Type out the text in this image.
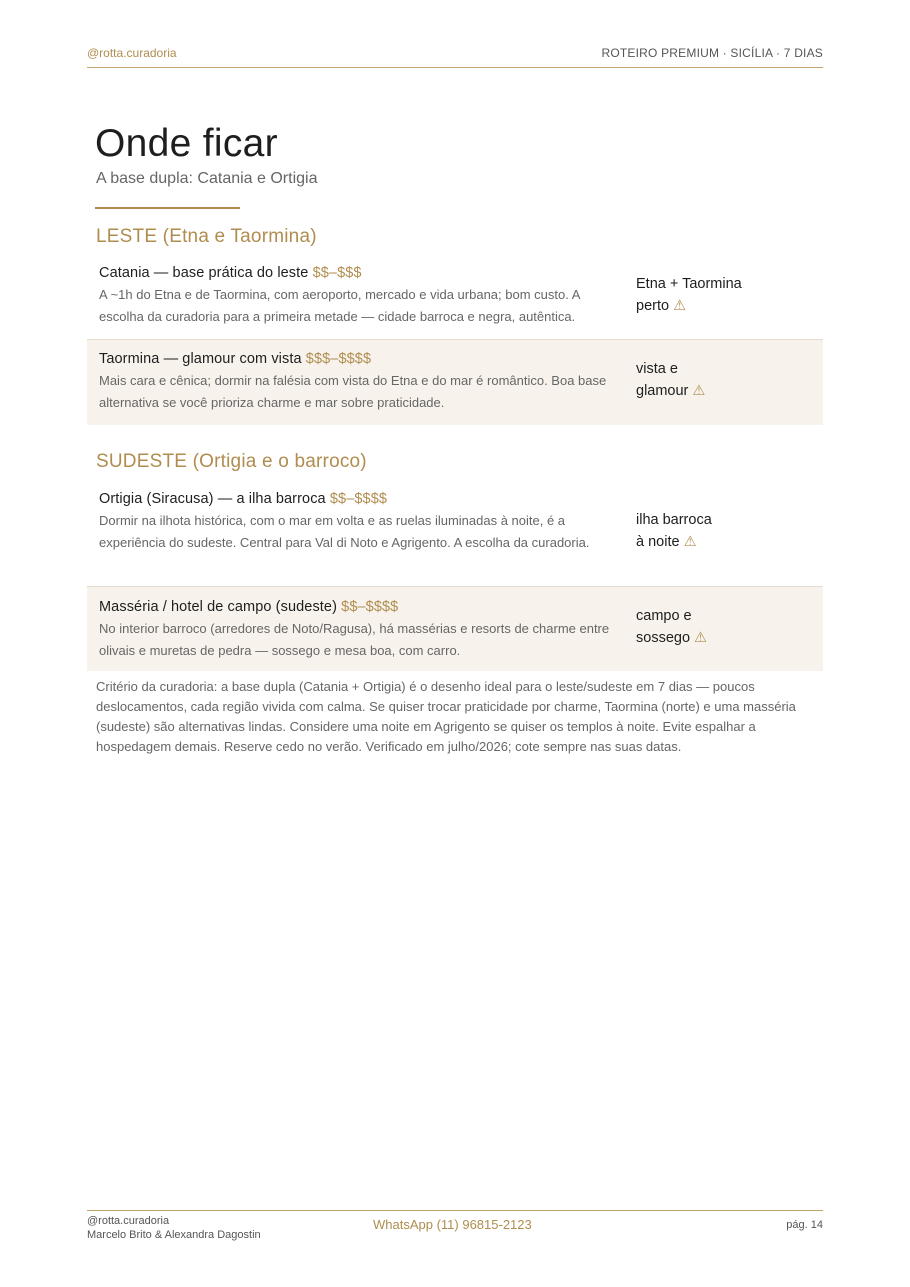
@rotta.curadoria	ROTEIRO PREMIUM · SICÍLIA · 7 DIAS
Onde ficar
A base dupla: Catania e Ortigia
LESTE (Etna e Taormina)
Catania — base prática do leste $$–$$$
A ~1h do Etna e de Taormina, com aeroporto, mercado e vida urbana; bom custo. A escolha da curadoria para a primeira metade — cidade barroca e negra, autêntica.
Etna + Taormina
perto ⚠
Taormina — glamour com vista $$$–$$$$
Mais cara e cênica; dormir na falésia com vista do Etna e do mar é romântico. Boa base alternativa se você prioriza charme e mar sobre praticidade.
vista e
glamour ⚠
SUDESTE (Ortigia e o barroco)
Ortigia (Siracusa) — a ilha barroca $$–$$$$
Dormir na ilhota histórica, com o mar em volta e as ruelas iluminadas à noite, é a experiência do sudeste. Central para Val di Noto e Agrigento. A escolha da curadoria.
ilha barroca
à noite ⚠
Masséria / hotel de campo (sudeste) $$–$$$$
No interior barroco (arredores de Noto/Ragusa), há massérias e resorts de charme entre olivais e muretas de pedra — sossego e mesa boa, com carro.
campo e
sossego ⚠
Critério da curadoria: a base dupla (Catania + Ortigia) é o desenho ideal para o leste/sudeste em 7 dias — poucos deslocamentos, cada região vivida com calma. Se quiser trocar praticidade por charme, Taormina (norte) e uma masséria (sudeste) são alternativas lindas. Considere uma noite em Agrigento se quiser os templos à noite. Evite espalhar a hospedagem demais. Reserve cedo no verão. Verificado em julho/2026; cote sempre nas suas datas.
@rotta.curadoria
Marcelo Brito & Alexandra Dagostin
WhatsApp (11) 96815-2123	pág. 14
